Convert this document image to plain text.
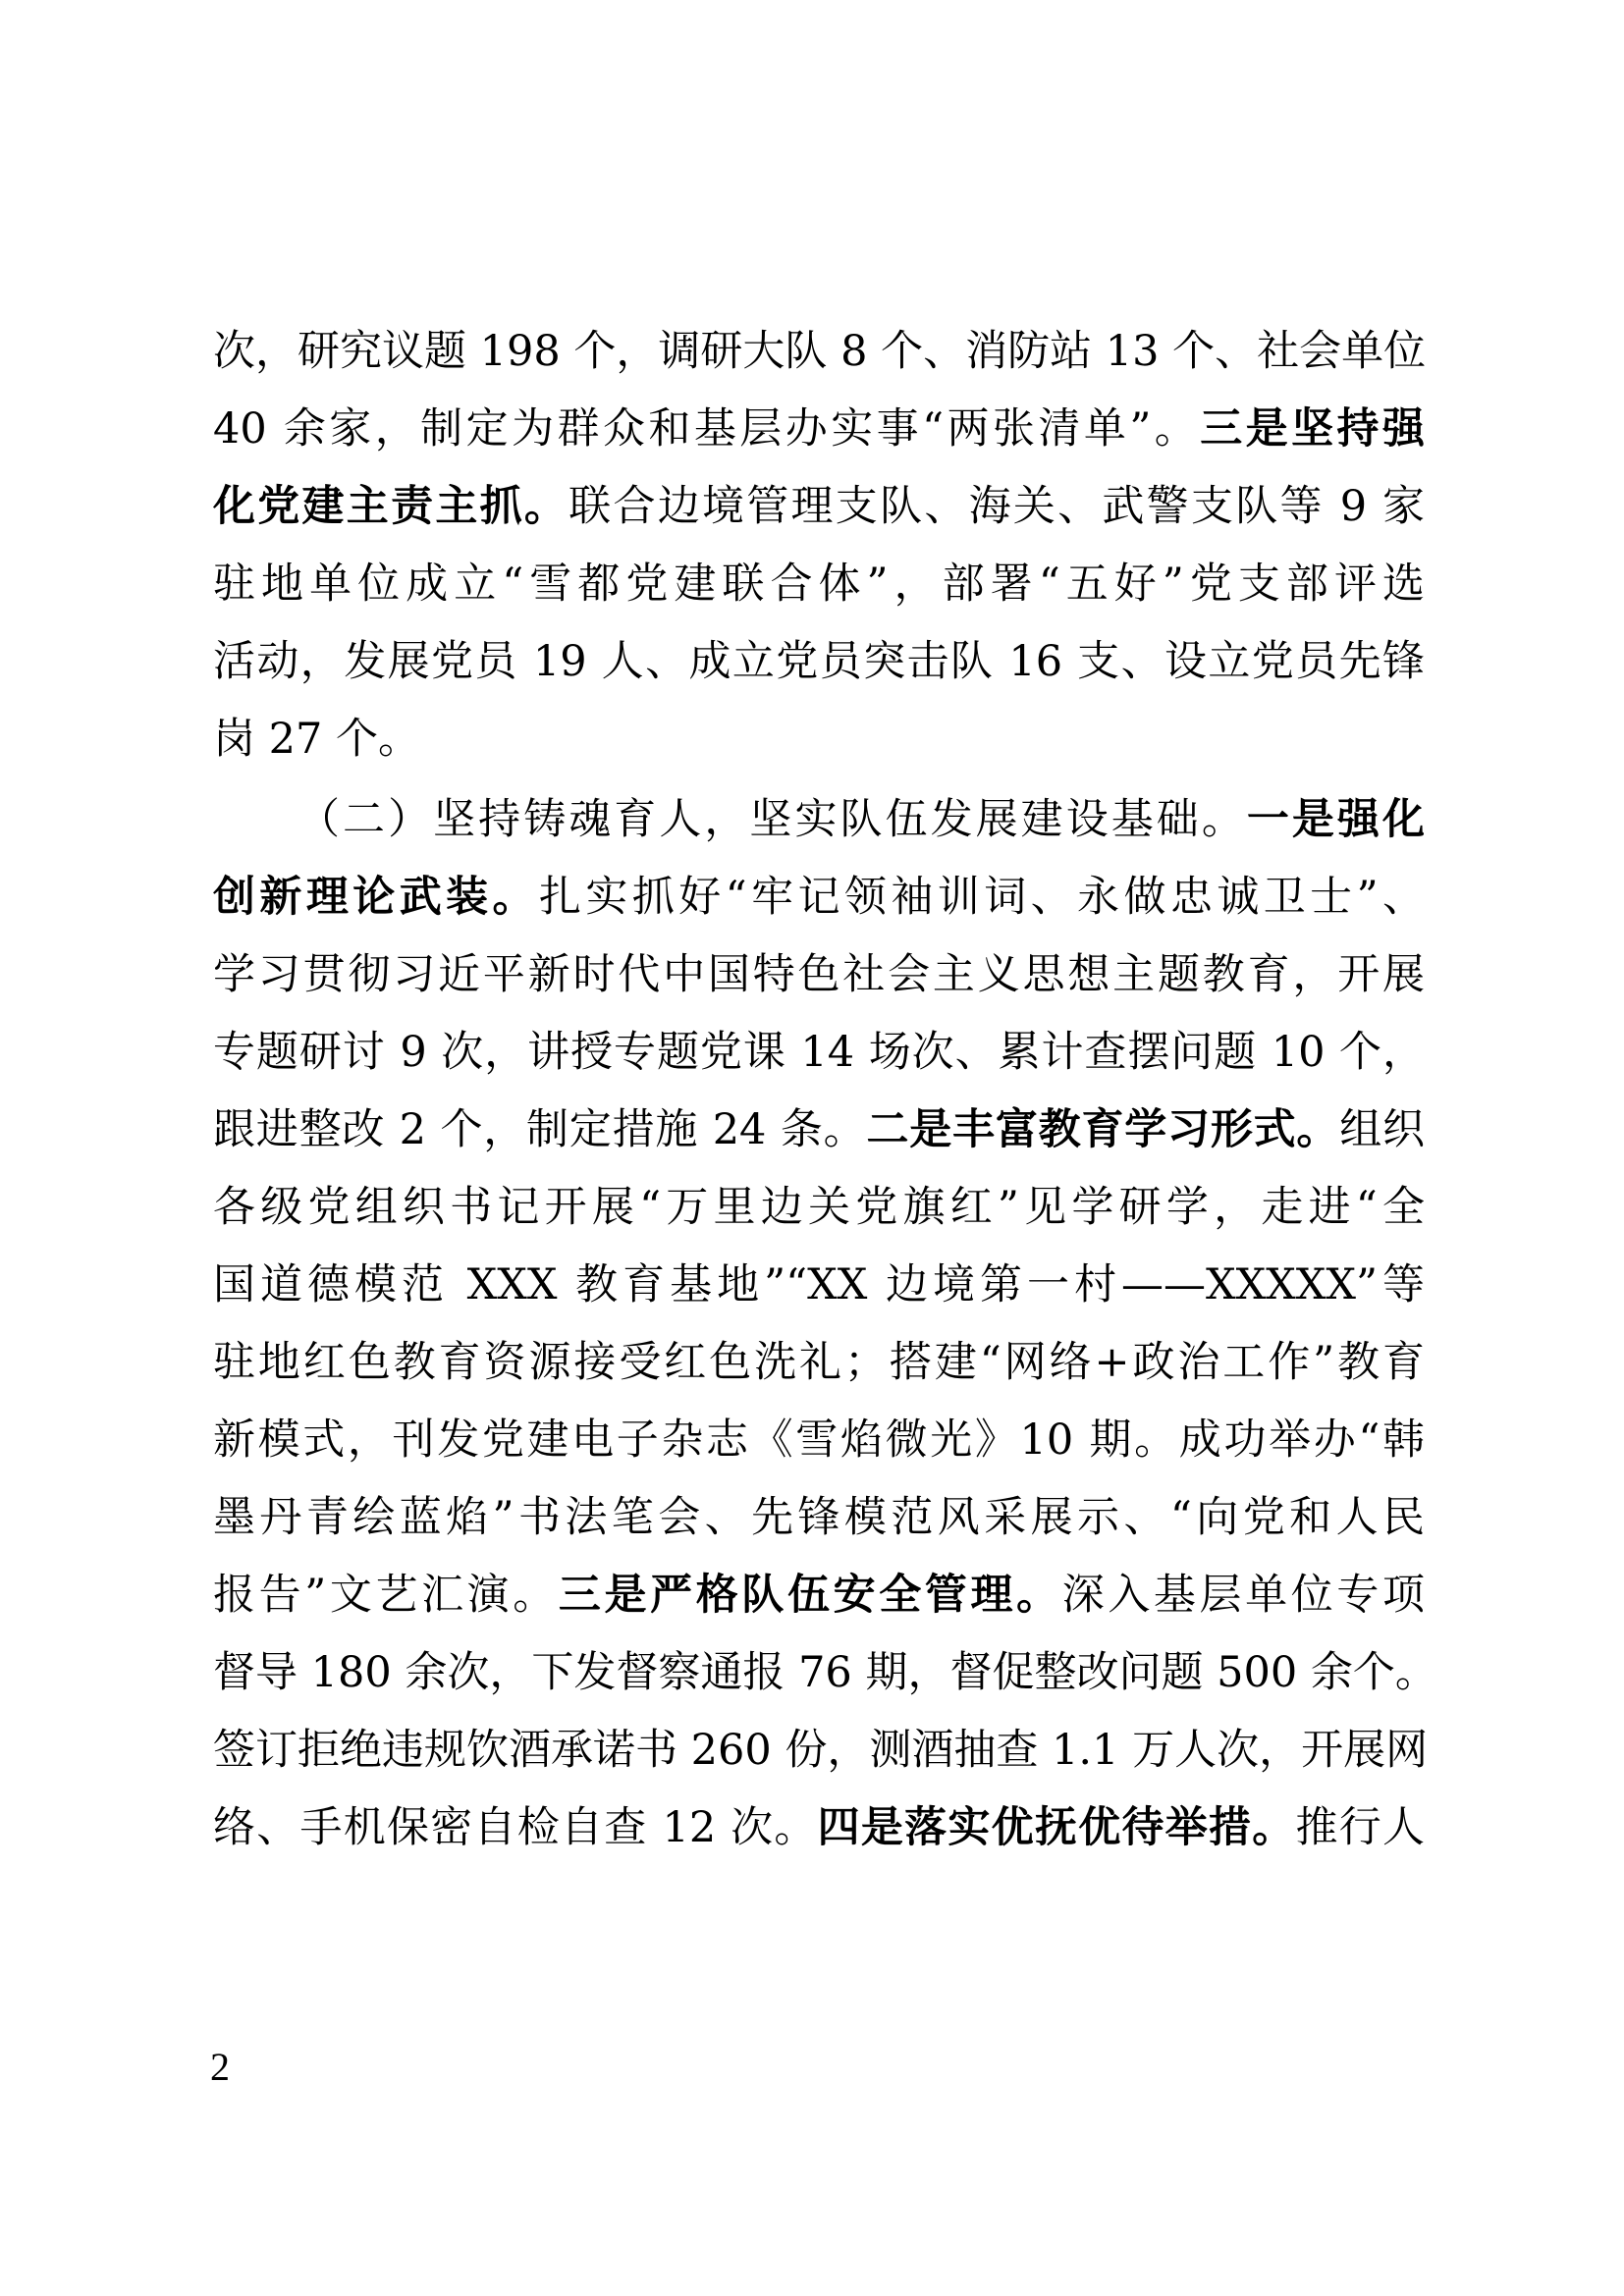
次，研究议题 198 个，调研大队 8 个、消防站 13 个、社会单位
40 余家，制定为群众和基层办实事“两张清单”。三是坚持强
化党建主责主抓。联合边境管理支队、海关、武警支队等 9 家
驻地单位成立“雪都党建联合体”，部署“五好”党支部评选
活动，发展党员 19 人、成立党员突击队 16 支、设立党员先锋
岗 27 个。
（二）坚持铸魂育人，坚实队伍发展建设基础。一是强化
创新理论武装。扎实抓好“牢记领袖训词、永做忠诚卫士”、
学习贯彻习近平新时代中国特色社会主义思想主题教育，开展
专题研讨 9 次，讲授专题党课 14 场次、累计查摆问题 10 个，
跟进整改 2 个，制定措施 24 条。二是丰富教育学习形式。组织
各级党组织书记开展“万里边关党旗红”见学研学，走进“全
国道德模范 XXX 教育基地”“XX 边境第一村——XXXXX”等
驻地红色教育资源接受红色洗礼；搭建“网络+政治工作”教育
新模式，刊发党建电子杂志《雪焰微光》10 期。成功举办“韩
墨丹青绘蓝焰”书法笔会、先锋模范风采展示、“向党和人民
报告”文艺汇演。三是严格队伍安全管理。深入基层单位专项
督导 180 余次，下发督察通报 76 期，督促整改问题 500 余个。
签订拒绝违规饮酒承诺书 260 份，测酒抽查 1.1 万人次，开展网
络、手机保密自检自查 12 次。四是落实优抚优待举措。推行人
2
